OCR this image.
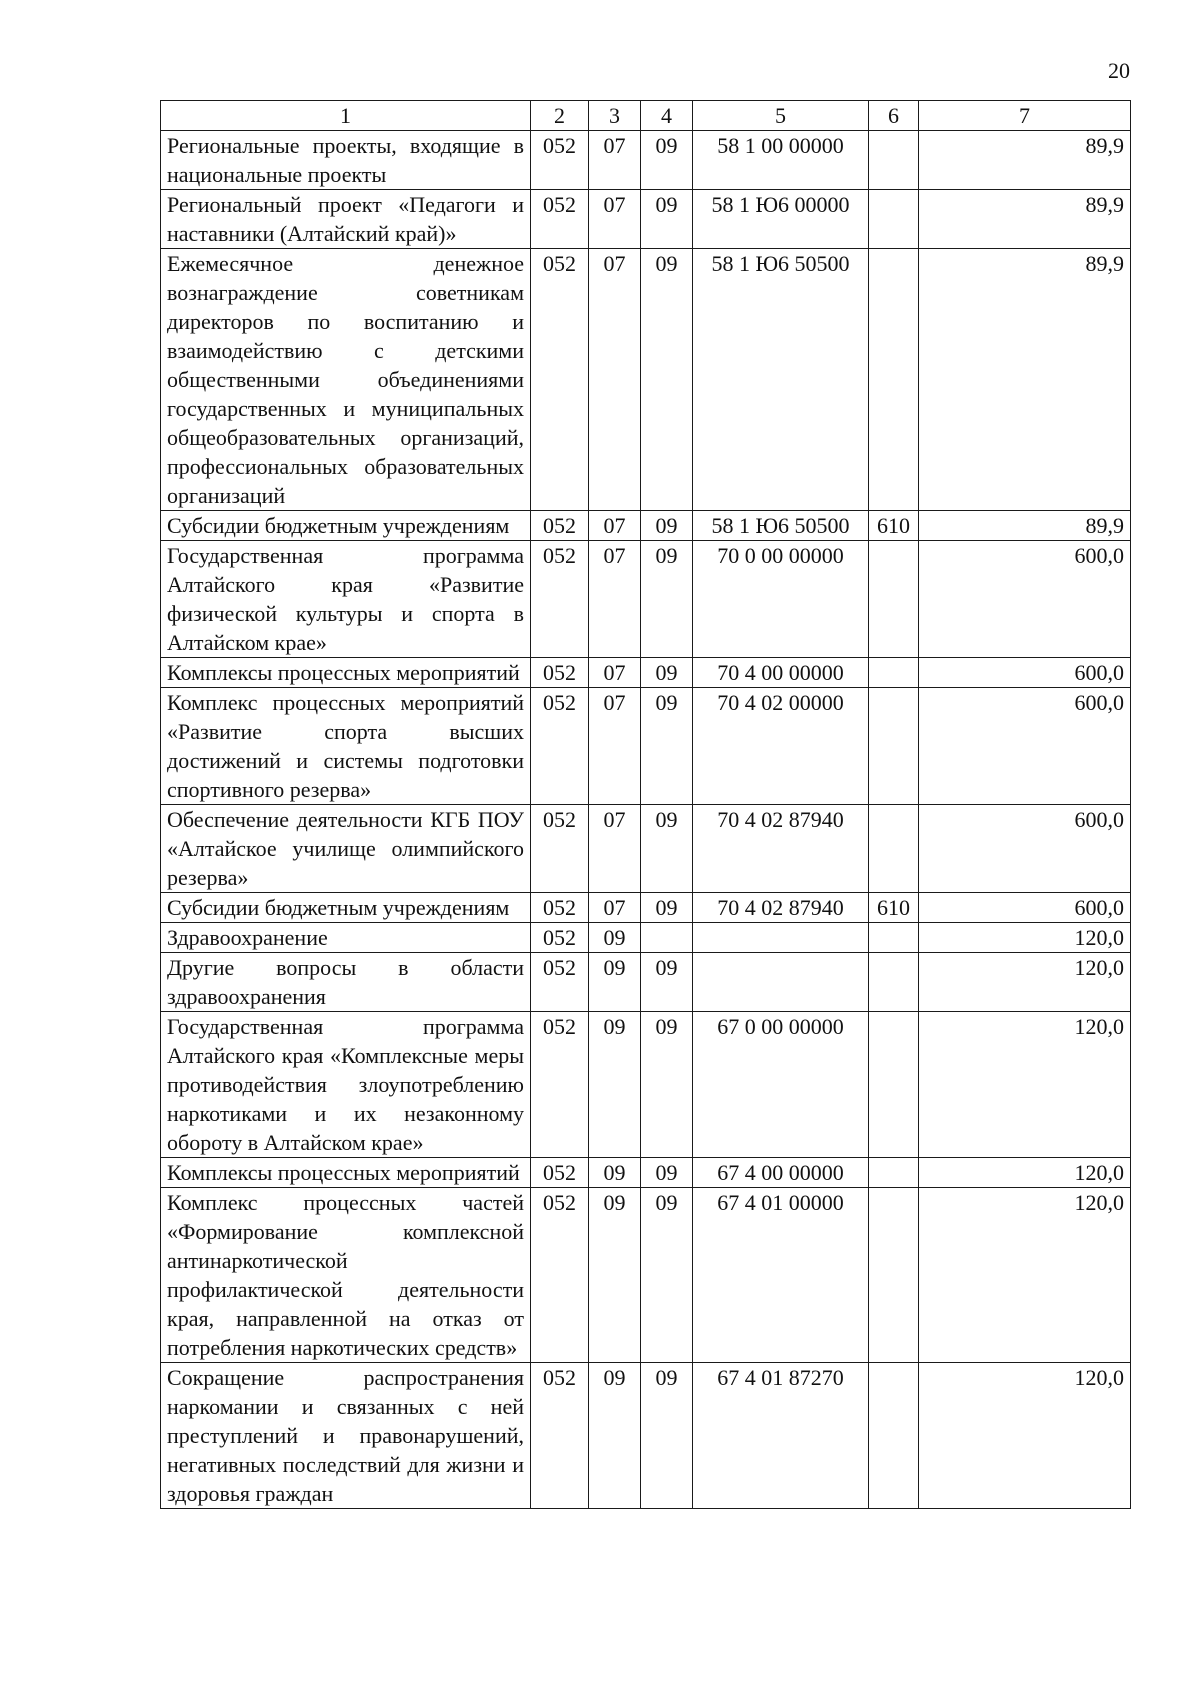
20
1	2	3	4	5	6	7
Региональные проекты, входящие в национальные проекты	052	07	09	58 1 00 00000		89,9
Региональный проект «Педагоги и наставники (Алтайский край)»	052	07	09	58 1 Ю6 00000		89,9
Ежемесячное денежное вознаграждение советникам директоров по воспитанию и взаимодействию с детскими общественными объединениями государственных и муниципальных общеобразовательных организаций, профессиональных образовательных организаций	052	07	09	58 1 Ю6 50500		89,9
Субсидии бюджетным учреждениям	052	07	09	58 1 Ю6 50500	610	89,9
Государственная программа Алтайского края «Развитие физической культуры и спорта в Алтайском крае»	052	07	09	70 0 00 00000		600,0
Комплексы процессных мероприятий	052	07	09	70 4 00 00000		600,0
Комплекс процессных мероприятий «Развитие спорта высших достижений и системы подготовки спортивного резерва»	052	07	09	70 4 02 00000		600,0
Обеспечение деятельности КГБ ПОУ «Алтайское училище олимпийского резерва»	052	07	09	70 4 02 87940		600,0
Субсидии бюджетным учреждениям	052	07	09	70 4 02 87940	610	600,0
Здравоохранение	052	09				120,0
Другие вопросы в области здравоохранения	052	09	09			120,0
Государственная программа Алтайского края «Комплексные меры противодействия злоупотреблению наркотиками и их незаконному обороту в Алтайском крае»	052	09	09	67 0 00 00000		120,0
Комплексы процессных мероприятий	052	09	09	67 4 00 00000		120,0
Комплекс процессных частей «Формирование комплексной антинаркотической профилактической деятельности края, направленной на отказ от потребления наркотических средств»	052	09	09	67 4 01 00000		120,0
Сокращение распространения наркомании и связанных с ней преступлений и правонарушений, негативных последствий для жизни и здоровья граждан	052	09	09	67 4 01 87270		120,0
